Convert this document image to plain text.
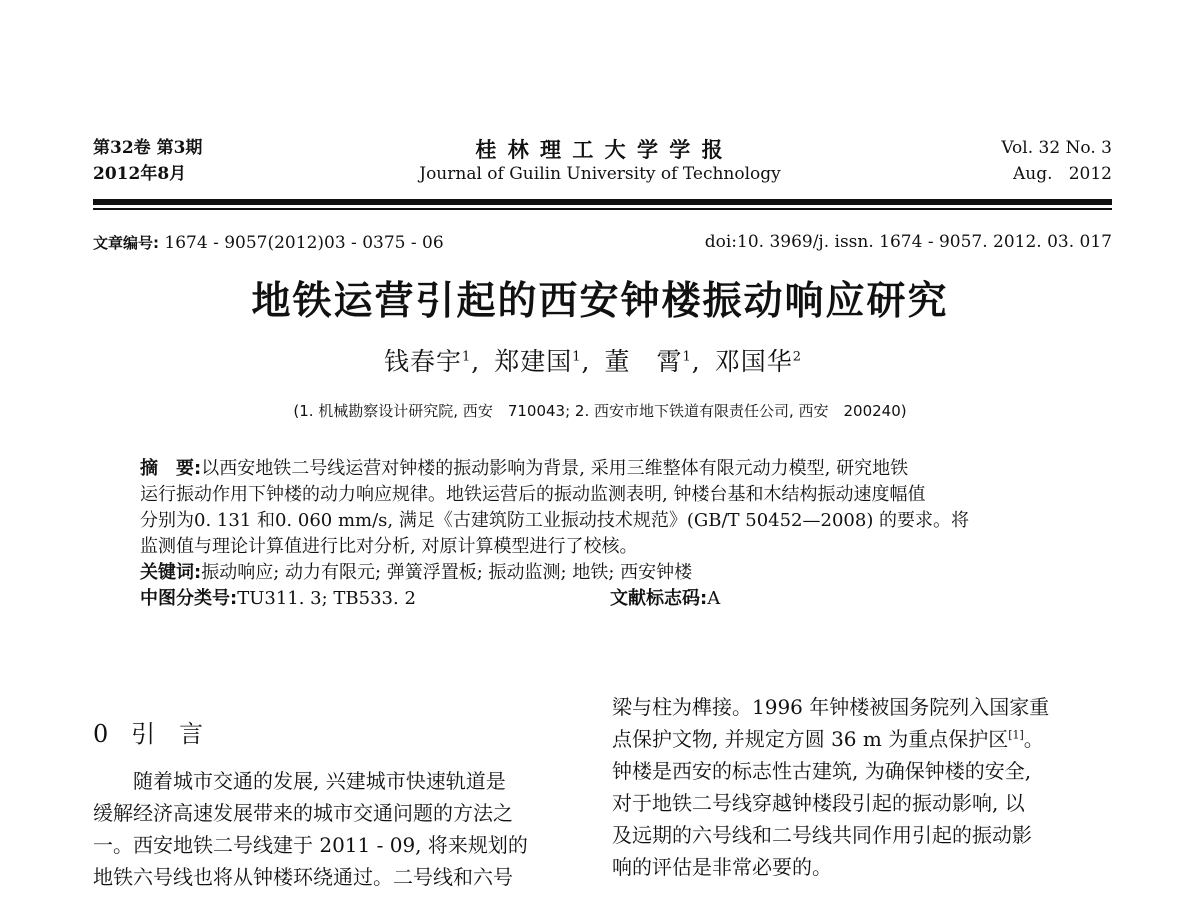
第32卷 第3期
2012年8月
桂 林 理 工 大 学 学 报
Journal of Guilin University of Technology
Vol. 32 No. 3
Aug. 2012
文章编号: 1674 - 9057(2012)03 - 0375 - 06	doi:10. 3969/j. issn. 1674 - 9057. 2012. 03. 017
地铁运营引起的西安钟楼振动响应研究
钱春宇$^1$, 郑建国$^1$, 董　霄$^1$, 邓国华$^2$
(1. 机械勘察设计研究院, 西安　710043; 2. 西安市地下铁道有限责任公司, 西安　200240)
摘　要:以西安地铁二号线运营对钟楼的振动影响为背景, 采用三维整体有限元动力模型, 研究地铁
运行振动作用下钟楼的动力响应规律。地铁运营后的振动监测表明, 钟楼台基和木结构振动速度幅值
分别为0. 131 和0. 060 mm/s, 满足《古建筑防工业振动技术规范》(GB/T 50452—2008) 的要求。将
监测值与理论计算值进行比对分析, 对原计算模型进行了校核。
关键词:振动响应; 动力有限元; 弹簧浮置板; 振动监测; 地铁; 西安钟楼
中图分类号:TU311. 3; TB533. 2	文献标志码:A
0 引　言
　　随着城市交通的发展, 兴建城市快速轨道是
缓解经济高速发展带来的城市交通问题的方法之
一。西安地铁二号线建于 2011 - 09, 将来规划的
地铁六号线也将从钟楼环绕通过。二号线和六号
梁与柱为榫接。1996 年钟楼被国务院列入国家重
点保护文物, 并规定方圆 36 m 为重点保护区[1]。
钟楼是西安的标志性古建筑, 为确保钟楼的安全,
对于地铁二号线穿越钟楼段引起的振动影响, 以
及远期的六号线和二号线共同作用引起的振动影
响的评估是非常必要的。
